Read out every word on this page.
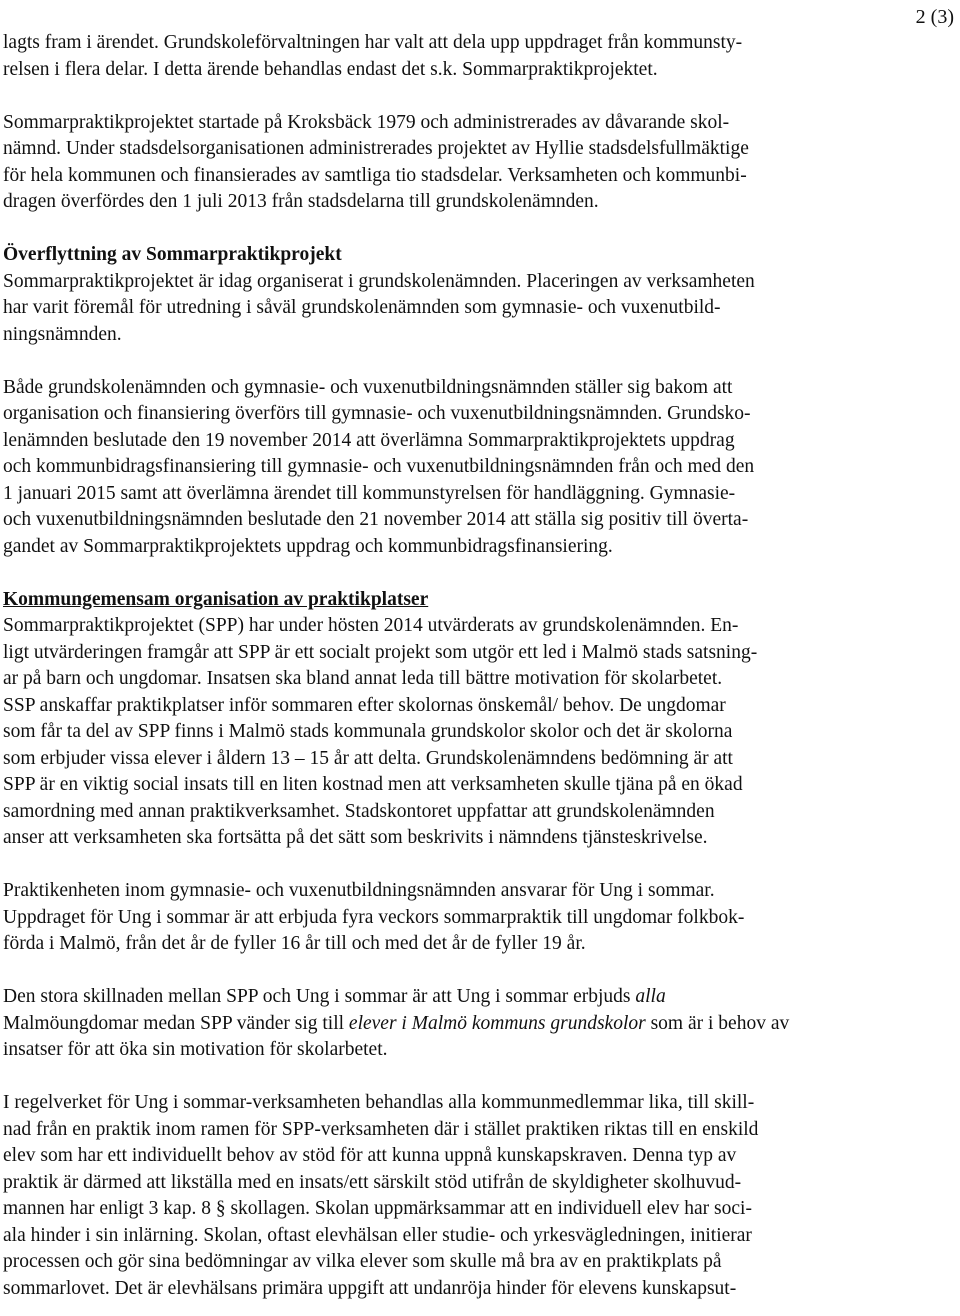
2 (3)
lagts fram i ärendet. Grundskoleförvaltningen har valt att dela upp uppdraget från kommunsty-
relsen i flera delar. I detta ärende behandlas endast det s.k. Sommarpraktikprojektet.
Sommarpraktikprojektet startade på Kroksbäck 1979 och administrerades av dåvarande skol-
nämnd. Under stadsdelsorganisationen administrerades projektet av Hyllie stadsdelsfullmäktige
för hela kommunen och finansierades av samtliga tio stadsdelar. Verksamheten och kommunbi-
dragen överfördes den 1 juli 2013 från stadsdelarna till grundskolenämnden.
Överflyttning av Sommarpraktikprojekt
Sommarpraktikprojektet är idag organiserat i grundskolenämnden. Placeringen av verksamheten
har varit föremål för utredning i såväl grundskolenämnden som gymnasie- och vuxenutbild-
ningsnämnden.
Både grundskolenämnden och gymnasie- och vuxenutbildningsnämnden ställer sig bakom att
organisation och finansiering överförs till gymnasie- och vuxenutbildningsnämnden. Grundsko-
lenämnden beslutade den 19 november 2014 att överlämna Sommarpraktikprojektets uppdrag
och kommunbidragsfinansiering till gymnasie- och vuxenutbildningsnämnden från och med den
1 januari 2015 samt att överlämna ärendet till kommunstyrelsen för handläggning. Gymnasie-
och vuxenutbildningsnämnden beslutade den 21 november 2014 att ställa sig positiv till överta-
gandet av Sommarpraktikprojektets uppdrag och kommunbidragsfinansiering.
Kommungemensam organisation av praktikplatser
Sommarpraktikprojektet (SPP) har under hösten 2014 utvärderats av grundskolenämnden. En-
ligt utvärderingen framgår att SPP är ett socialt projekt som utgör ett led i Malmö stads satsning-
ar på barn och ungdomar. Insatsen ska bland annat leda till bättre motivation för skolarbetet.
SSP anskaffar praktikplatser inför sommaren efter skolornas önskemål/ behov. De ungdomar
som får ta del av SPP finns i Malmö stads kommunala grundskolor skolor och det är skolorna
som erbjuder vissa elever i åldern 13 – 15 år att delta. Grundskolenämndens bedömning är att
SPP är en viktig social insats till en liten kostnad men att verksamheten skulle tjäna på en ökad
samordning med annan praktikverksamhet. Stadskontoret uppfattar att grundskolenämnden
anser att verksamheten ska fortsätta på det sätt som beskrivits i nämndens tjänsteskrivelse.
Praktikenheten inom gymnasie- och vuxenutbildningsnämnden ansvarar för Ung i sommar.
Uppdraget för Ung i sommar är att erbjuda fyra veckors sommarpraktik till ungdomar folkbok-
förda i Malmö, från det år de fyller 16 år till och med det år de fyller 19 år.
Den stora skillnaden mellan SPP och Ung i sommar är att Ung i sommar erbjuds alla
Malmöungdomar medan SPP vänder sig till elever i Malmö kommuns grundskolor som är i behov av
insatser för att öka sin motivation för skolarbetet.
I regelverket för Ung i sommar-verksamheten behandlas alla kommunmedlemmar lika, till skill-
nad från en praktik inom ramen för SPP-verksamheten där i stället praktiken riktas till en enskild
elev som har ett individuellt behov av stöd för att kunna uppnå kunskapskraven. Denna typ av
praktik är därmed att likställa med en insats/ett särskilt stöd utifrån de skyldigheter skolhuvud-
mannen har enligt 3 kap. 8 § skollagen. Skolan uppmärksammar att en individuell elev har soci-
ala hinder i sin inlärning. Skolan, oftast elevhälsan eller studie- och yrkesvägledningen, initierar
processen och gör sina bedömningar av vilka elever som skulle må bra av en praktikplats på
sommarlovet. Det är elevhälsans primära uppgift att undanröja hinder för elevens kunskapsut-
